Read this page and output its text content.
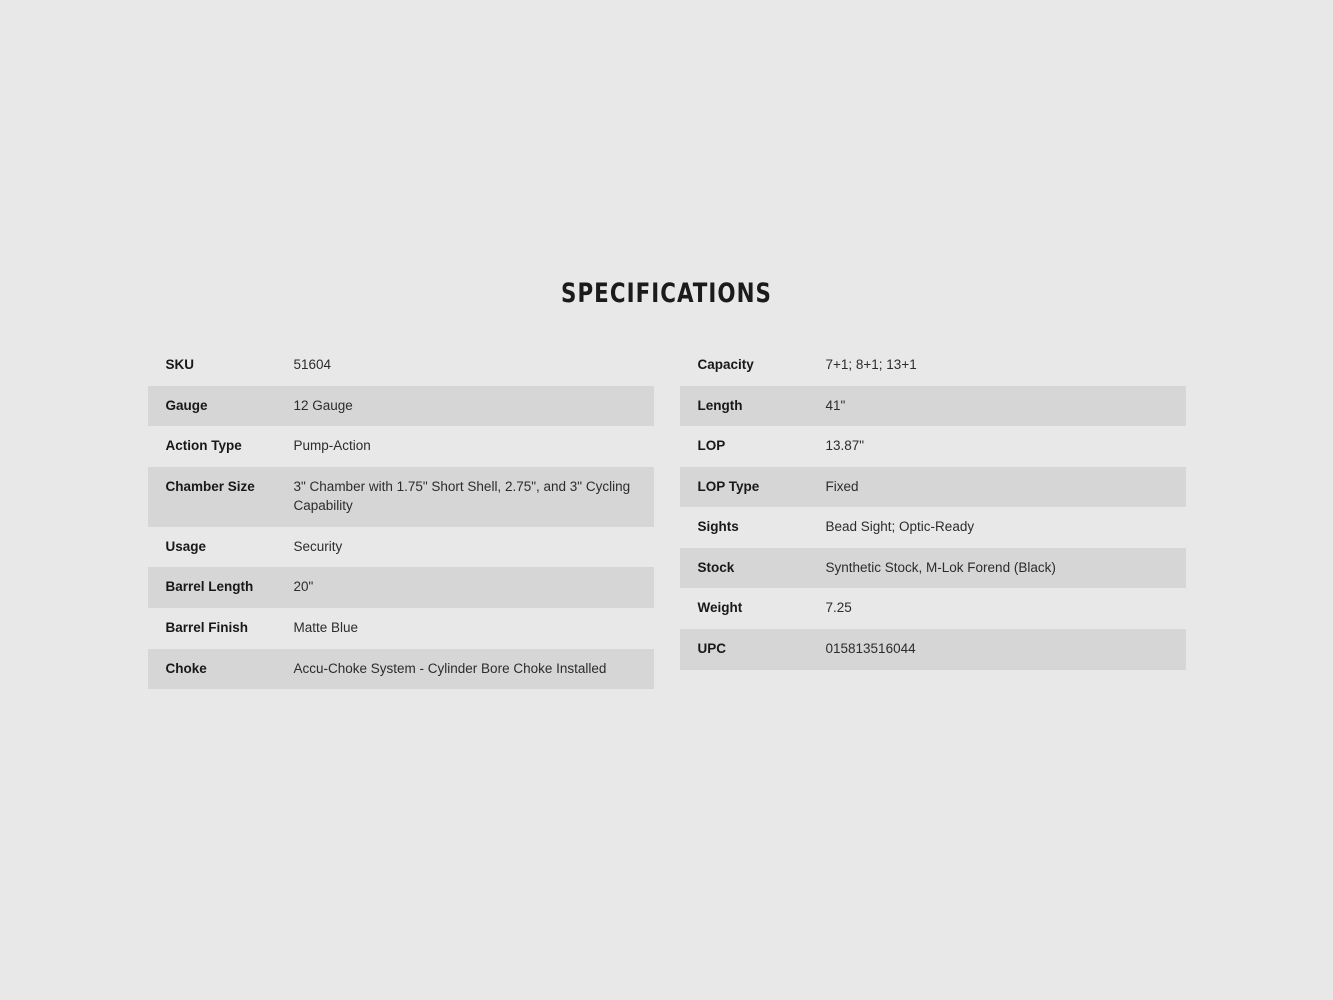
SPECIFICATIONS
SKU	51604
Gauge	12 Gauge
Action Type	Pump-Action
Chamber Size	3" Chamber with 1.75" Short Shell, 2.75", and 3" Cycling Capability
Usage	Security
Barrel Length	20"
Barrel Finish	Matte Blue
Choke	Accu-Choke System - Cylinder Bore Choke Installed
Capacity	7+1; 8+1; 13+1
Length	41"
LOP	13.87"
LOP Type	Fixed
Sights	Bead Sight; Optic-Ready
Stock	Synthetic Stock, M-Lok Forend (Black)
Weight	7.25
UPC	015813516044
